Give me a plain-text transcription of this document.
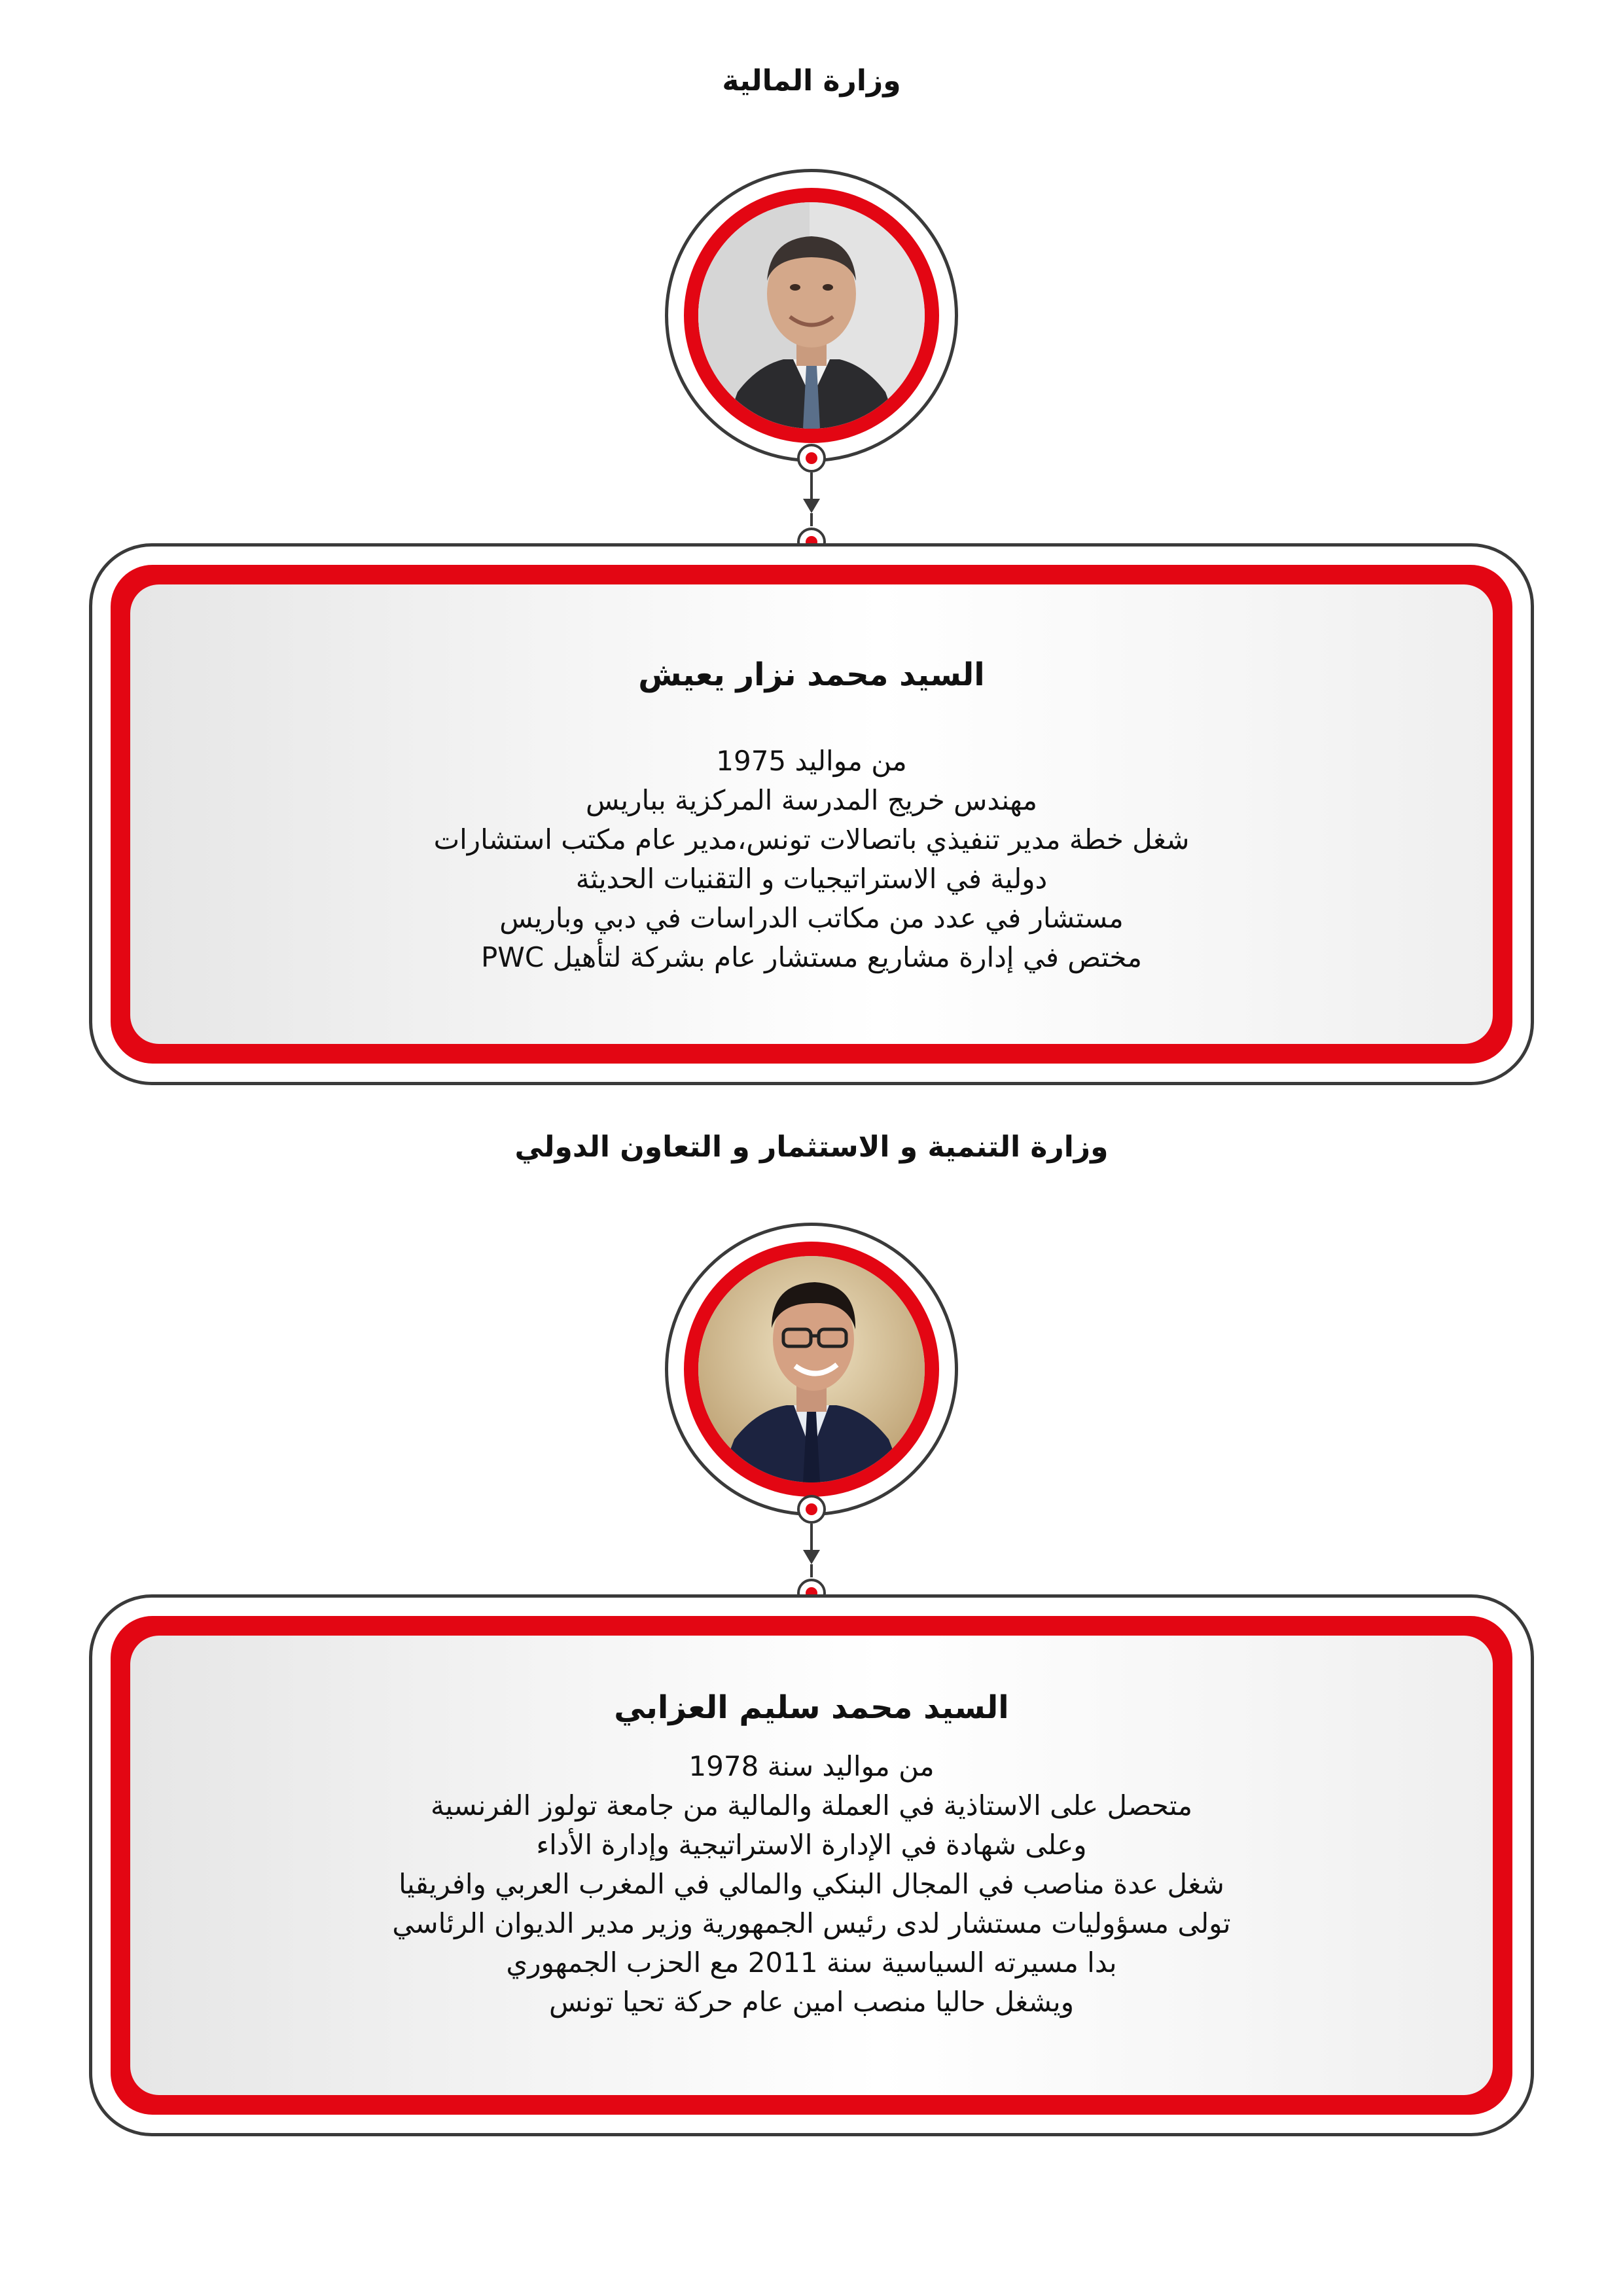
وزارة المالية
السيد محمد نزار يعيش
من مواليد 1975
مهندس خريج المدرسة المركزية بباريس
شغل خطة مدير تنفيذي باتصالات تونس،مدير عام مكتب استشارات
دولية في الاستراتيجيات و التقنيات الحديثة
مستشار في عدد من مكاتب الدراسات في دبي وباريس
مختص في إدارة مشاريع مستشار عام بشركة لتأهيل PWC
وزارة التنمية و الاستثمار و التعاون الدولي
السيد محمد سليم العزابي
من مواليد سنة 1978
متحصل على الاستاذية في العملة والمالية من جامعة تولوز الفرنسية
وعلى شهادة في الإدارة الاستراتيجية وإدارة الأداء
شغل عدة مناصب في المجال البنكي والمالي في المغرب العربي وافريقيا
تولى مسؤوليات مستشار لدى رئيس الجمهورية وزير مدير الديوان الرئاسي
بدا مسيرته السياسية سنة 2011 مع الحزب الجمهوري
ويشغل حاليا منصب امين عام حركة تحيا تونس
